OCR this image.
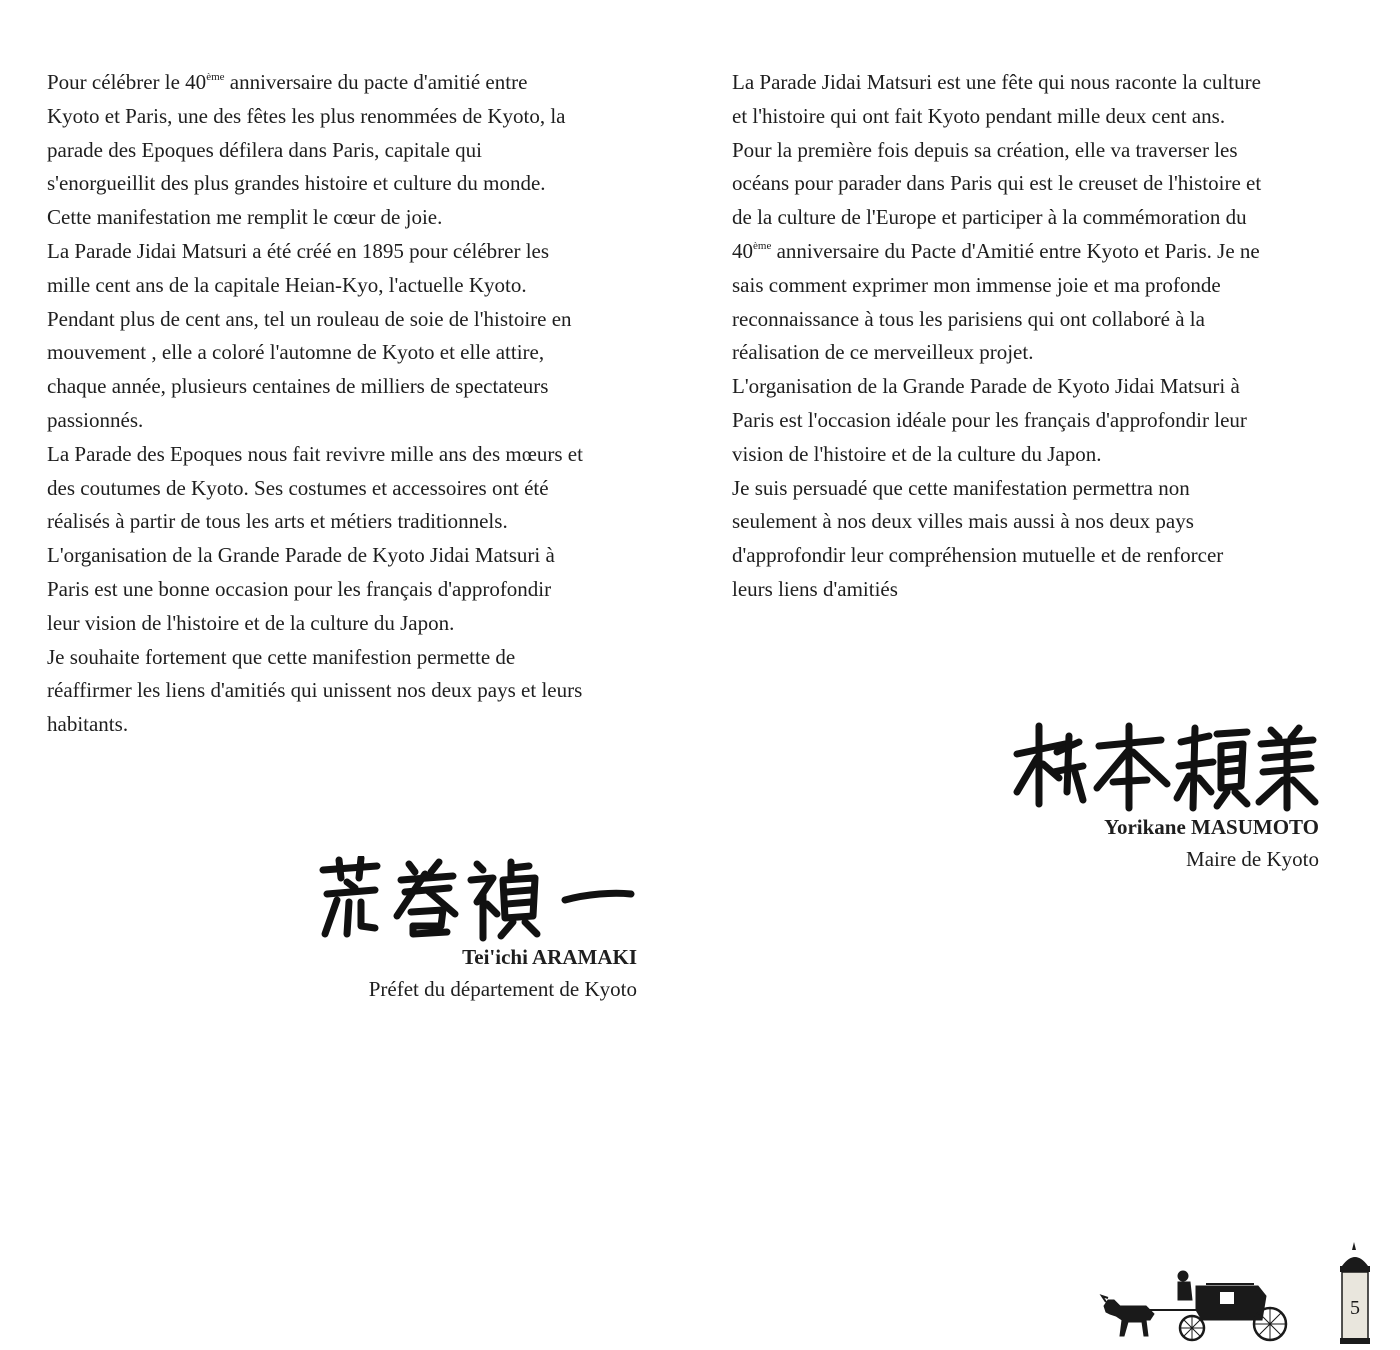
Pour célébrer le 40ème anniversaire du pacte d'amitié entre
Kyoto et Paris, une des fêtes les plus renommées de Kyoto, la
parade des Epoques défilera dans Paris, capitale qui
s'enorgueillit des plus grandes histoire et culture du monde.
Cette manifestation me remplit le cœur de joie.

La Parade Jidai Matsuri a été créé en 1895 pour célébrer les
mille cent ans de la capitale Heian-Kyo, l'actuelle Kyoto.
Pendant plus de cent ans, tel un rouleau de soie de l'histoire en
mouvement , elle a coloré l'automne de Kyoto et elle attire,
chaque année, plusieurs centaines de milliers de spectateurs
passionnés.

La Parade des Epoques nous fait revivre mille ans des mœurs et
des coutumes de Kyoto. Ses costumes et accessoires ont été
réalisés à partir de tous les arts et métiers traditionnels.

L'organisation de la Grande Parade de Kyoto Jidai Matsuri à
Paris est une bonne occasion pour les français d'approfondir
leur vision de l'histoire et de la culture du Japon.

Je souhaite fortement que cette manifestion permette de
réaffirmer les liens d'amitiés qui unissent nos deux pays et leurs
habitants.

La Parade Jidai Matsuri est une fête qui nous raconte la culture
et l'histoire qui ont fait Kyoto pendant mille deux cent ans.
Pour la première fois depuis sa création, elle va traverser les
océans pour parader dans Paris qui est le creuset de l'histoire et
de la culture de l'Europe et participer à la commémoration du
40ème anniversaire du Pacte d'Amitié entre Kyoto et Paris. Je ne
sais comment exprimer mon immense joie et ma profonde
reconnaissance à tous les parisiens qui ont collaboré à la
réalisation de ce merveilleux projet.

L'organisation de la Grande Parade de Kyoto Jidai Matsuri à
Paris est l'occasion idéale pour les français d'approfondir leur
vision de l'histoire et de la culture du Japon.

Je suis persuadé que cette manifestation permettra non
seulement à nos deux villes mais aussi à nos deux pays
d'approfondir leur compréhension mutuelle et de renforcer
leurs liens d'amitiés

Yorikane MASUMOTO
Maire de Kyoto
Tei'ichi ARAMAKI
Préfet du département de Kyoto
5
